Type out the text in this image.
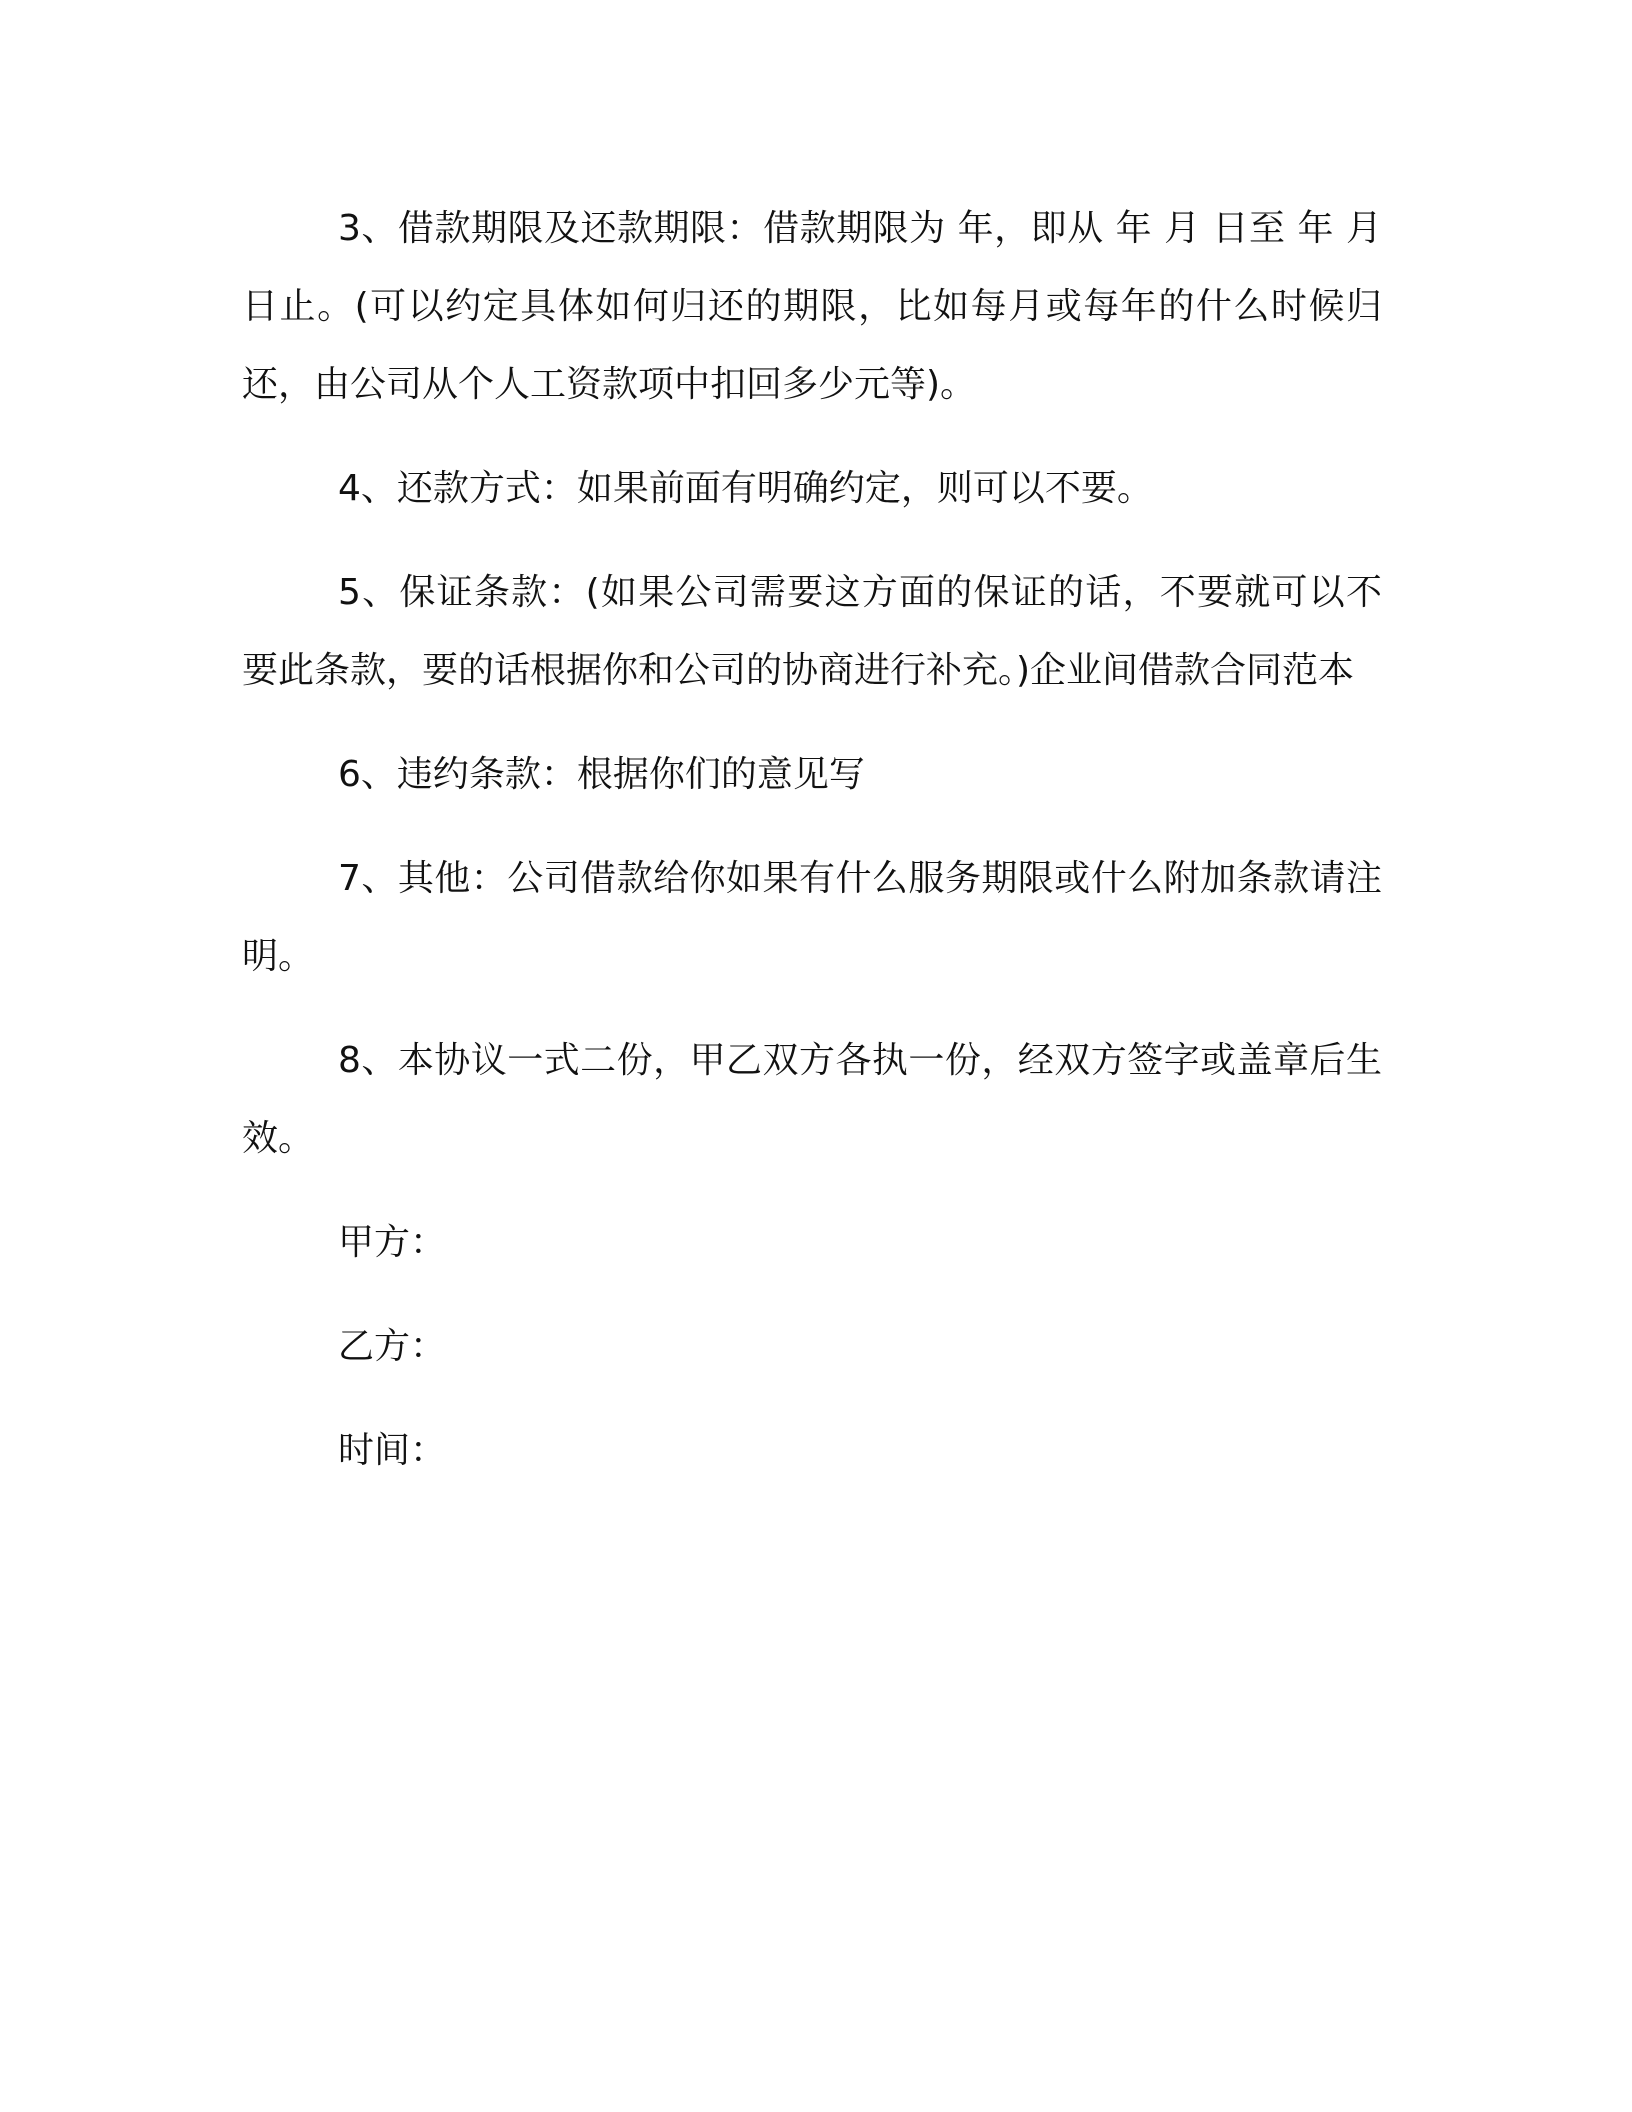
3、借款期限及还款期限：借款期限为 年，即从 年 月 日至 年 月日止。(可以约定具体如何归还的期限，比如每月或每年的什么时候归还，由公司从个人工资款项中扣回多少元等)。

4、还款方式：如果前面有明确约定，则可以不要。

5、保证条款：(如果公司需要这方面的保证的话，不要就可以不要此条款，要的话根据你和公司的协商进行补充。)企业间借款合同范本

6、违约条款：根据你们的意见写

7、其他：公司借款给你如果有什么服务期限或什么附加条款请注明。

8、本协议一式二份，甲乙双方各执一份，经双方签字或盖章后生效。

甲方：

乙方：

时间：
